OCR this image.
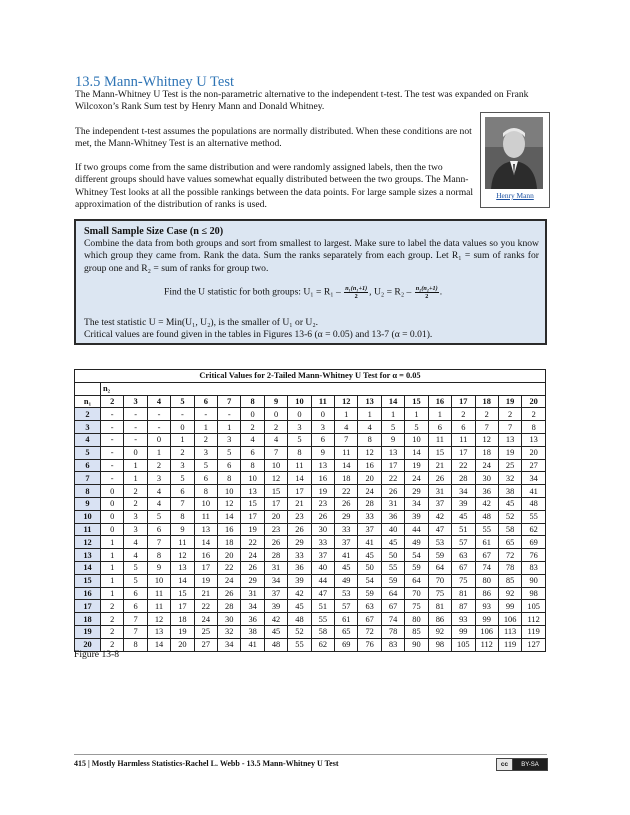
13.5 Mann-Whitney U Test
The Mann-Whitney U Test is the non-parametric alternative to the independent t-test. The test was expanded on Frank Wilcoxon’s Rank Sum test by Henry Mann and Donald Whitney.
The independent t-test assumes the populations are normally distributed. When these conditions are not met, the Mann-Whitney Test is an alternative method.
If two groups come from the same distribution and were randomly assigned labels, then the two different groups should have values somewhat equally distributed between the two groups. The Mann-Whitney Test looks at all the possible rankings between the data points. For large sample sizes a normal approximation of the distribution of ranks is used.
Henry Mann
Small Sample Size Case (n ≤ 20)
Combine the data from both groups and sort from smallest to largest. Make sure to label the data values so you know which group they came from. Rank the data. Sum the ranks separately from each group. Let R₁ = sum of ranks for group one and R₂ = sum of ranks for group two.
Find the U statistic for both groups: $U_1 = R_1 - \frac{\text{n₁(n₁+1)}}{2}$ , $U_2 = R_2 - \frac{\text{n₂(n₂+1)}}{2}$ .
The test statistic U = Min(U₁, U₂), is the smaller of U₁ or U₂.
Critical values are found given in the tables in Figures 13-6 (α = 0.05) and 13-7 (α = 0.01).
Critical Values for 2-Tailed Mann-Whitney U Test for α = 0.05																			
	n₂																		
n₁	2	3	4	5	6	7	8	9	10	11	12	13	14	15	16	17	18	19	20
2	-	-	-	-	-	-	0	0	0	0	1	1	1	1	1	2	2	2	2
3	-	-	-	0	1	1	2	2	3	3	4	4	5	5	6	6	7	7	8
4	-	-	0	1	2	3	4	4	5	6	7	8	9	10	11	11	12	13	13
5	-	0	1	2	3	5	6	7	8	9	11	12	13	14	15	17	18	19	20
6	-	1	2	3	5	6	8	10	11	13	14	16	17	19	21	22	24	25	27
7	-	1	3	5	6	8	10	12	14	16	18	20	22	24	26	28	30	32	34
8	0	2	4	6	8	10	13	15	17	19	22	24	26	29	31	34	36	38	41
9	0	2	4	7	10	12	15	17	21	23	26	28	31	34	37	39	42	45	48
10	0	3	5	8	11	14	17	20	23	26	29	33	36	39	42	45	48	52	55
11	0	3	6	9	13	16	19	23	26	30	33	37	40	44	47	51	55	58	62
12	1	4	7	11	14	18	22	26	29	33	37	41	45	49	53	57	61	65	69
13	1	4	8	12	16	20	24	28	33	37	41	45	50	54	59	63	67	72	76
14	1	5	9	13	17	22	26	31	36	40	45	50	55	59	64	67	74	78	83
15	1	5	10	14	19	24	29	34	39	44	49	54	59	64	70	75	80	85	90
16	1	6	11	15	21	26	31	37	42	47	53	59	64	70	75	81	86	92	98
17	2	6	11	17	22	28	34	39	45	51	57	63	67	75	81	87	93	99	105
18	2	7	12	18	24	30	36	42	48	55	61	67	74	80	86	93	99	106	112
19	2	7	13	19	25	32	38	45	52	58	65	72	78	85	92	99	106	113	119
20	2	8	14	20	27	34	41	48	55	62	69	76	83	90	98	105	112	119	127
Figure 13-8
415 | Mostly Harmless Statistics-Rachel L. Webb - 13.5 Mann-Whitney U Test	cc	BY-SA
